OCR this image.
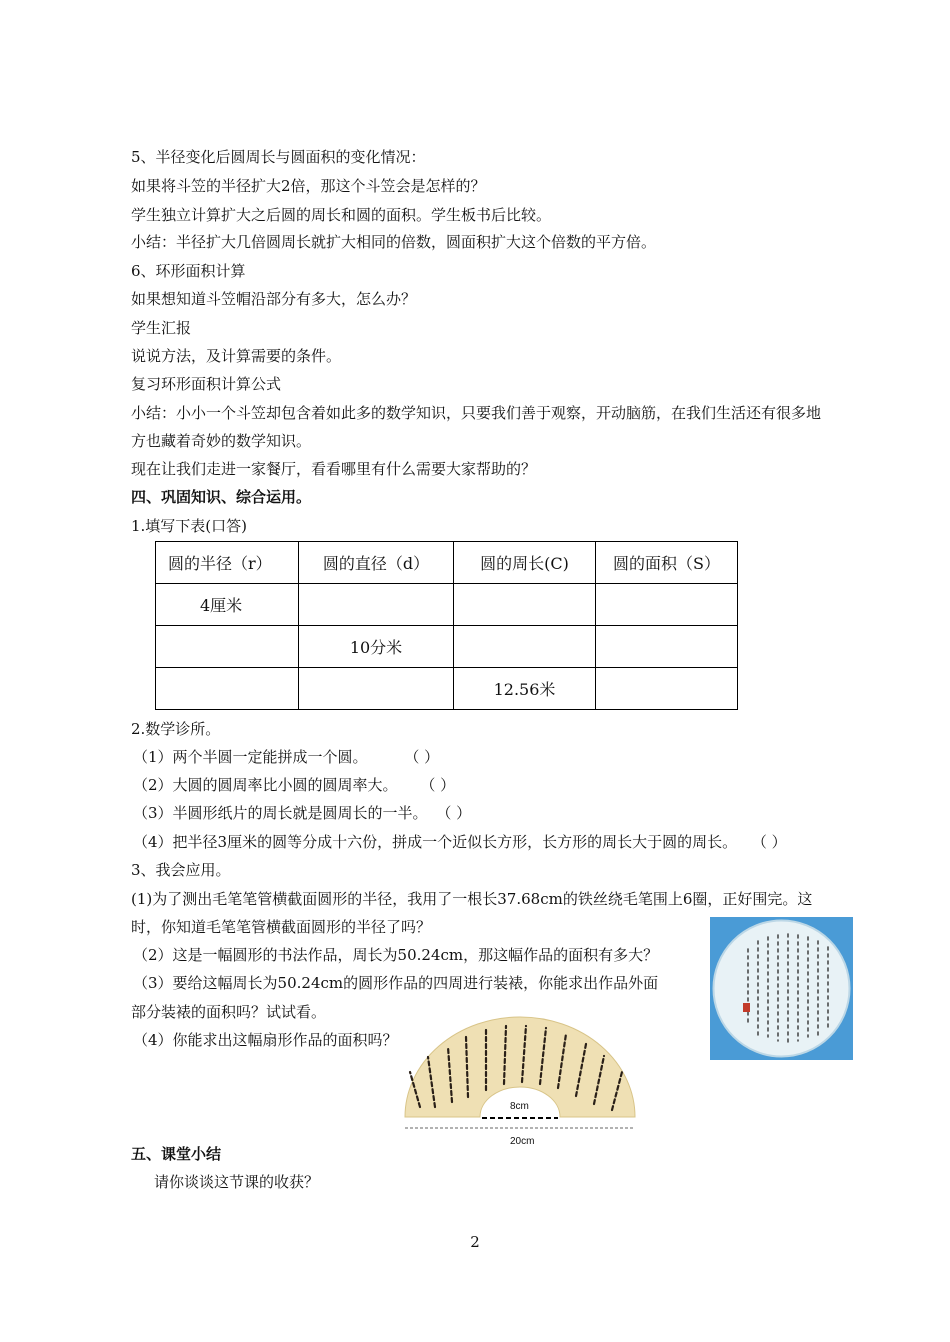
5、半径变化后圆周长与圆面积的变化情况：
如果将斗笠的半径扩大2倍，那这个斗笠会是怎样的？
学生独立计算扩大之后圆的周长和圆的面积。学生板书后比较。
小结：半径扩大几倍圆周长就扩大相同的倍数，圆面积扩大这个倍数的平方倍。
6、环形面积计算
如果想知道斗笠帽沿部分有多大，怎么办？
学生汇报
说说方法，及计算需要的条件。
复习环形面积计算公式
小结：小小一个斗笠却包含着如此多的数学知识，只要我们善于观察，开动脑筋，在我们生活还有很多地
方也藏着奇妙的数学知识。
现在让我们走进一家餐厅，看看哪里有什么需要大家帮助的？
四、巩固知识、综合运用。
1.填写下表(口答)
圆的半径（r）	圆的直径（d）	圆的周长(C)	圆的面积（S）
4厘米			
	10分米		
		12.56米	
2.数学诊所。
（1）两个半圆一定能拼成一个圆。 （ ）
（2）大圆的圆周率比小圆的圆周率大。 （ ）
（3）半圆形纸片的周长就是圆周长的一半。 （ ）
（4）把半径3厘米的圆等分成十六份，拼成一个近似长方形，长方形的周长大于圆的周长。 （ ）
3、我会应用。
(1)为了测出毛笔笔管横截面圆形的半径，我用了一根长37.68cm的铁丝绕毛笔围上6圈，正好围完。这
时，你知道毛笔笔管横截面圆形的半径了吗？
（2）这是一幅圆形的书法作品，周长为50.24cm，那这幅作品的面积有多大？
（3）要给这幅周长为50.24cm的圆形作品的四周进行装裱，你能求出作品外面
部分装裱的面积吗？试试看。
（4）你能求出这幅扇形作品的面积吗？
8cm
20cm
五、课堂小结
请你谈谈这节课的收获？
2
